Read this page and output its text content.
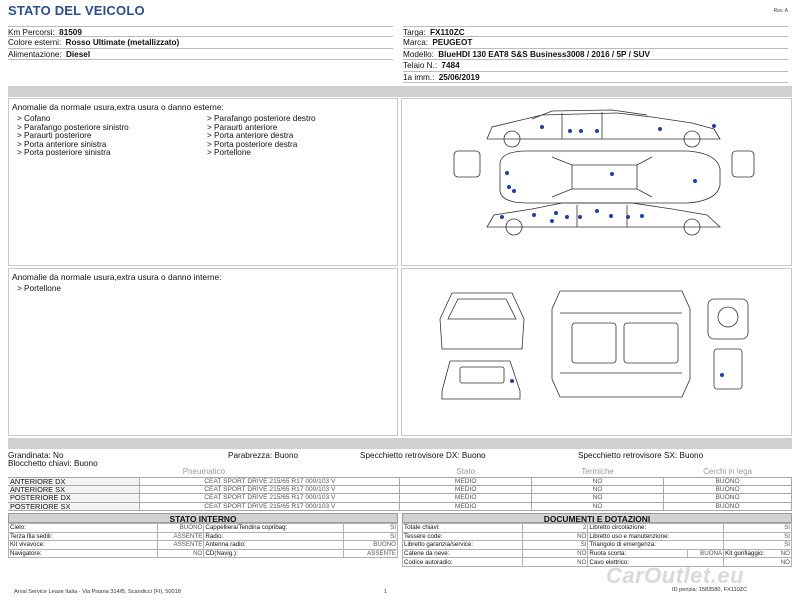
STATO DEL VEICOLO	Rev. A
Km Percorsi: 81509
Colore esterni: Rosso Ultimate (metallizzato)
Alimentazione: Diesel
Targa: FX110ZC
Marca: PEUGEOT
Modello: BlueHDI 130 EAT8 S&S Business3008 / 2016 / 5P / SUV
Telaio N.: 7484
1a imm.: 25/06/2019
Anomalie da normale usura,extra usura o danno esterne:
> Cofano
> Parafango posteriore sinistro
> Paraurti posteriore
> Porta anteriore sinistra
> Porta posteriore sinistra
> Parafango posteriore destro
> Paraurti anteriore
> Porta anteriore destra
> Porta posteriore destra
> Portellone
Anomalie da normale usura,extra usura o danno interne:
> Portellone
Grandinata: No	Parabrezza: Buono	Specchietto retrovisore DX: Buono	Specchietto retrovisore SX: Buono
Blocchetto chiavi: Buono
Pneumatico		Stato	Termiche	Cerchi in lega
ANTERIORE DX	CEAT SPORT DRIVE 215/65 R17 000/103 V	MEDIO	NO	BUONO
ANTERIORE SX	CEAT SPORT DRIVE 215/65 R17 000/103 V	MEDIO	NO	BUONO
POSTERIORE DX	CEAT SPORT DRIVE 215/65 R17 000/103 V	MEDIO	NO	BUONO
POSTERIORE SX	CEAT SPORT DRIVE 215/65 R17 000/103 V	MEDIO	NO	BUONO
STATO INTERNO
Cielo:	BUONO	Cappelliera/Tendina copribag:	SI
Terza fila sedili:	ASSENTE	Radio:	SI
Kit vivavoce:	ASSENTE	Antenna radio:	BUONO
Navigatore:	NO	CD(Navig.):	ASSENTE
DOCUMENTI E DOTAZIONI
Totale chiavi:	2	Libretto circolazione:		SI
Tessere code:	NO	Libretto uso e manutenzione:		SI
Libretto garanzia/service:	SI	Triangolo di emergenza:		SI
Catene da neve:	NO	Ruota scorta:	BUONA	Kit gonfiaggio: NO

Codice autoradio:	NO	Cavo elettrico:		NO
CarOutlet.eu
Arval Service Lease Italia - Via Pisana 314/B, Scandicci (FI), 50018	1	ID perizia: 1583580, FX110ZC
